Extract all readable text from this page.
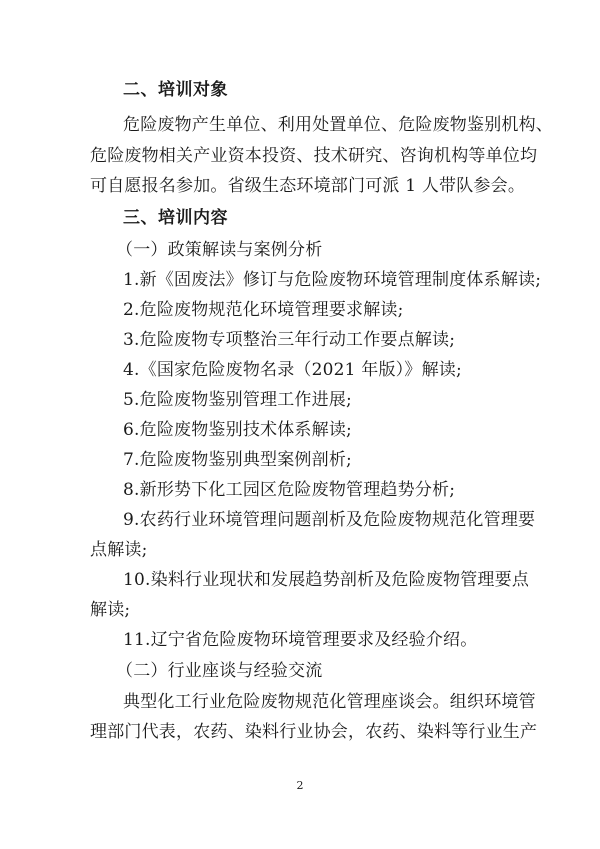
二、培训对象
危险废物产生单位、利用处置单位、危险废物鉴别机构、
危险废物相关产业资本投资、技术研究、咨询机构等单位均
可自愿报名参加。省级生态环境部门可派 1 人带队参会。
三、培训内容
（一）政策解读与案例分析
1.新《固废法》修订与危险废物环境管理制度体系解读;
2.危险废物规范化环境管理要求解读;
3.危险废物专项整治三年行动工作要点解读;
4.《国家危险废物名录（2021 年版）》解读;
5.危险废物鉴别管理工作进展;
6.危险废物鉴别技术体系解读;
7.危险废物鉴别典型案例剖析;
8.新形势下化工园区危险废物管理趋势分析;
9.农药行业环境管理问题剖析及危险废物规范化管理要
点解读;
10.染料行业现状和发展趋势剖析及危险废物管理要点
解读;
11.辽宁省危险废物环境管理要求及经验介绍。
（二）行业座谈与经验交流
典型化工行业危险废物规范化管理座谈会。组织环境管
理部门代表，农药、染料行业协会，农药、染料等行业生产
2
